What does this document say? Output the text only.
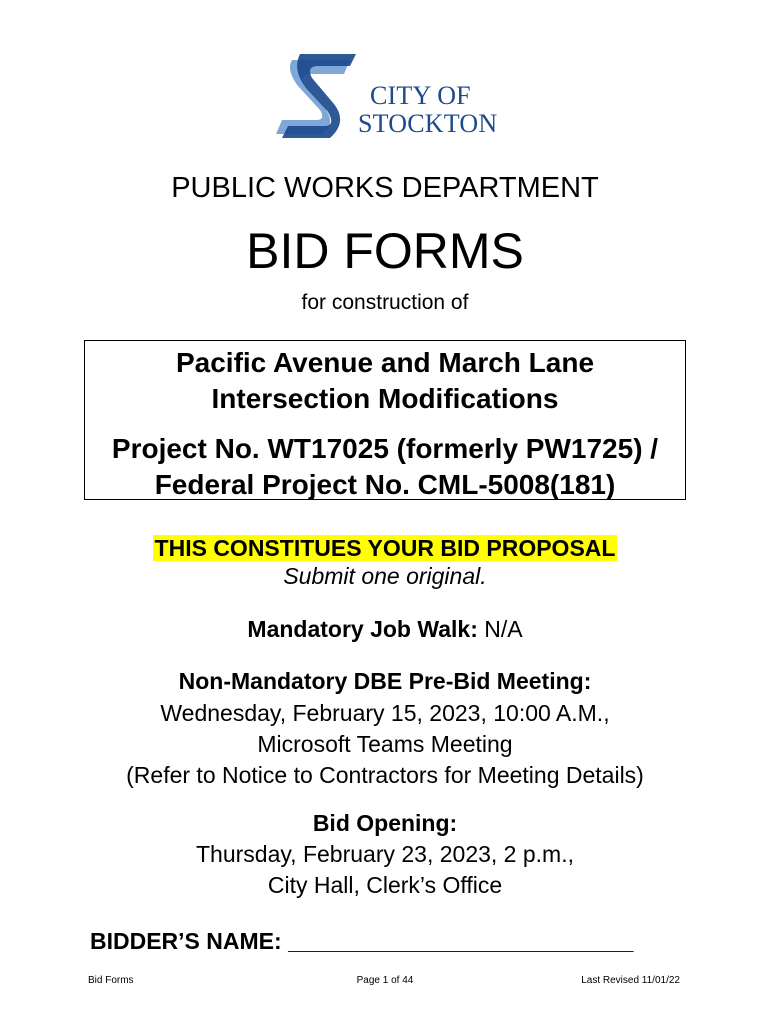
CITY OF
STOCKTON
PUBLIC WORKS DEPARTMENT
BID FORMS
for construction of
Pacific Avenue and March Lane
Intersection Modifications
Project No. WT17025 (formerly PW1725) /
Federal Project No. CML-5008(181)
THIS CONSTITUES YOUR BID PROPOSAL
Submit one original.
Mandatory Job Walk: N/A
Non-Mandatory DBE Pre-Bid Meeting:
Wednesday, February 15, 2023, 10:00 A.M.,
Microsoft Teams Meeting
(Refer to Notice to Contractors for Meeting Details)
Bid Opening:
Thursday, February 23, 2023, 2 p.m.,
City Hall, Clerk’s Office
BIDDER’S NAME: ___________________________
Bid Forms	Page 1 of 44	Last Revised 11/01/22
